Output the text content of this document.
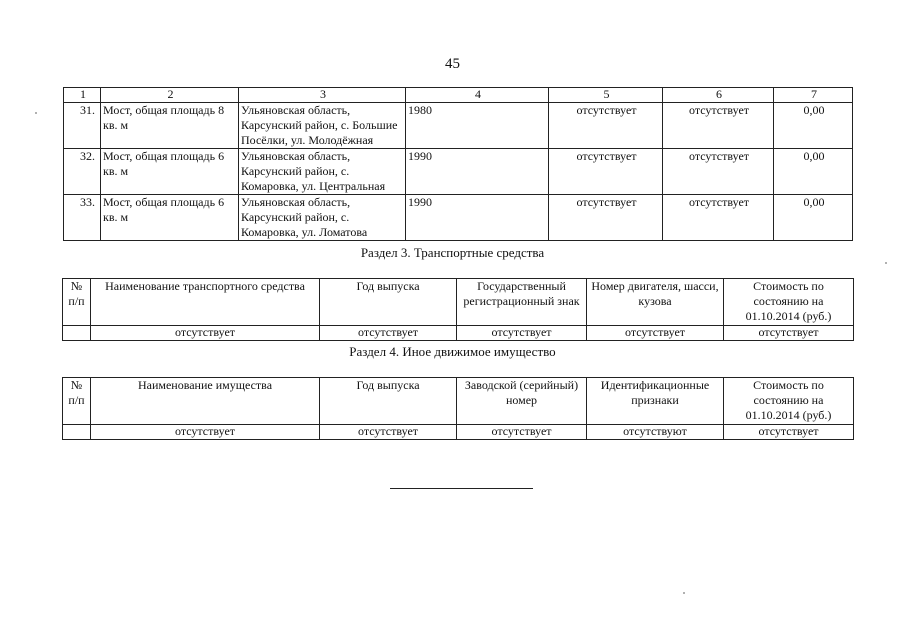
45
1	2	3	4	5	6	7
31.	Мост, общая площадь 8 кв. м	Ульяновская область, Карсунский район, с. Большие Посёлки, ул. Молодёжная	1980	отсутствует	отсутствует	0,00
32.	Мост, общая площадь 6 кв. м	Ульяновская область, Карсунский район, с. Комаровка, ул. Центральная	1990	отсутствует	отсутствует	0,00
33.	Мост, общая площадь 6 кв. м	Ульяновская область, Карсунский район, с. Комаровка, ул. Ломатова	1990	отсутствует	отсутствует	0,00
Раздел 3. Транспортные средства
№ п/п	Наименование транспортного средства	Год выпуска	Государственный регистрационный знак	Номер двигателя, шасси, кузова	Стоимость по состоянию на 01.10.2014 (руб.)
	отсутствует	отсутствует	отсутствует	отсутствует	отсутствует
Раздел 4. Иное движимое имущество
№ п/п	Наименование имущества	Год выпуска	Заводской (серийный) номер	Идентификационные признаки	Стоимость по состоянию на 01.10.2014 (руб.)
	отсутствует	отсутствует	отсутствует	отсутствуют	отсутствует
